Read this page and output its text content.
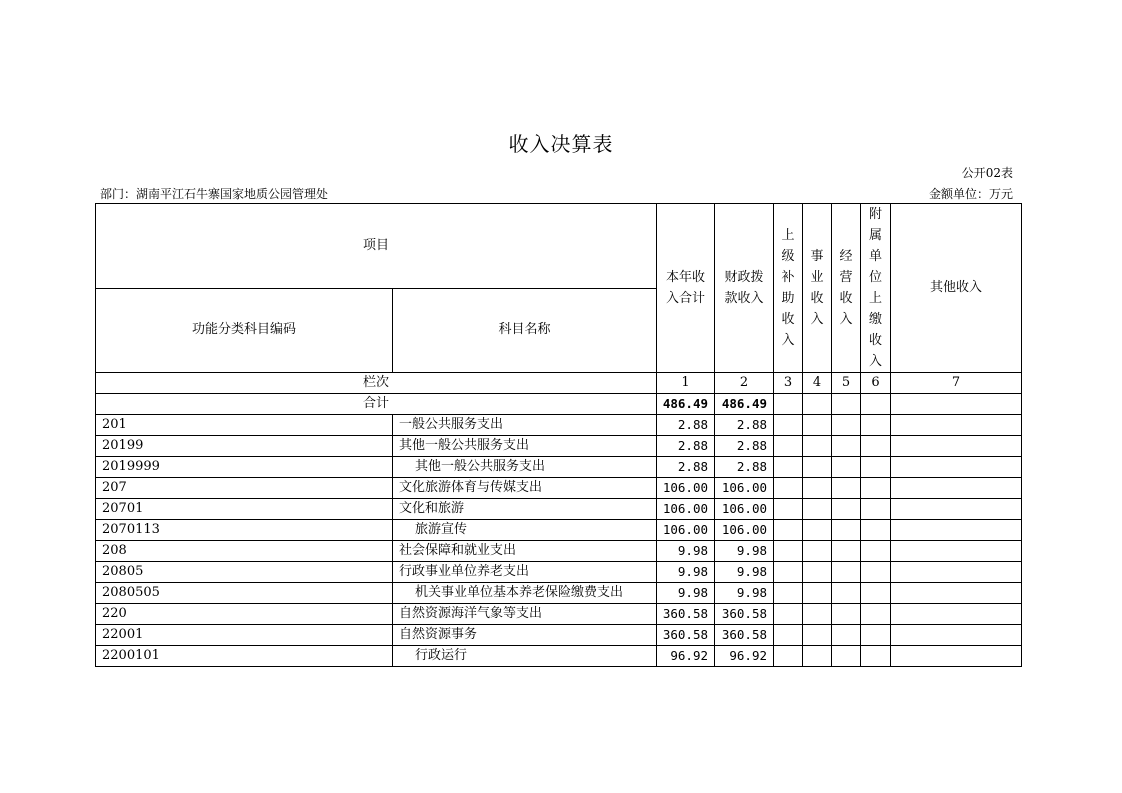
收入决算表
公开02表
部门：湖南平江石牛寨国家地质公园管理处	金额单位：万元
项目		本年收入合计	财政拨款收入	上级补助收入	事业收入	经营收入	附属单位上缴收入	其他收入
功能分类科目编码	科目名称							
栏次		1	2	3	4	5	6	7
合计		486.49	486.49					
201	一般公共服务支出	2.88	2.88					
20199	其他一般公共服务支出	2.88	2.88					
2019999	其他一般公共服务支出	2.88	2.88					
207	文化旅游体育与传媒支出	106.00	106.00					
20701	文化和旅游	106.00	106.00					
2070113	旅游宣传	106.00	106.00					
208	社会保障和就业支出	9.98	9.98					
20805	行政事业单位养老支出	9.98	9.98					
2080505	机关事业单位基本养老保险缴费支出	9.98	9.98					
220	自然资源海洋气象等支出	360.58	360.58					
22001	自然资源事务	360.58	360.58					
2200101	行政运行	96.92	96.92					
